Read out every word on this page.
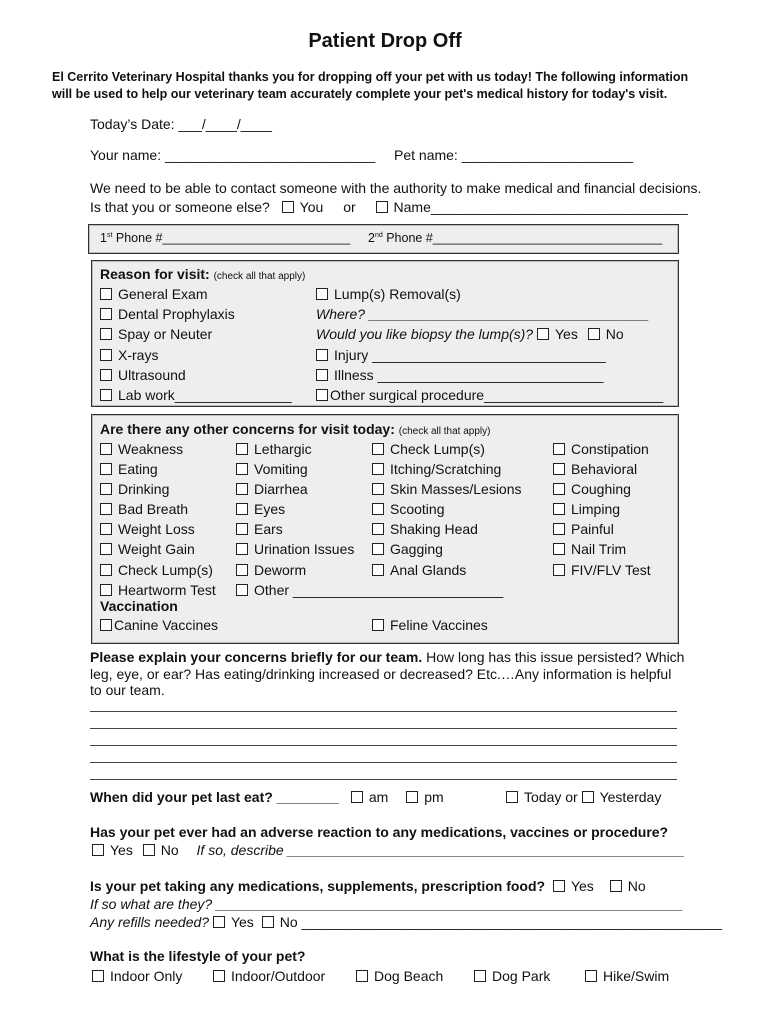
Patient Drop Off
El Cerrito Veterinary Hospital thanks you for dropping off your pet with us today! The following information
will be used to help our veterinary team accurately complete your pet's medical history for today's visit.
Today’s Date: ___/____/____
Your name: ___________________________ Pet name: ______________________
We need to be able to contact someone with the authority to make medical and financial decisions.
Is that you or someone else? You or	Name_________________________________
1st Phone #___________________________ 2nd Phone #_________________________________
Reason for visit: (check all that apply)
General Exam
Dental Prophylaxis
Spay or Neuter
X-rays
Ultrasound
Lab work_______________
Lump(s) Removal(s)
Where? ____________________________________
Would you like biopsy the lump(s)? Yes No
Injury ______________________________
Illness _____________________________
Other surgical procedure_______________________
Are there any other concerns for visit today: (check all that apply)
Weakness
Eating
Drinking
Bad Breath
Weight Loss
Weight Gain
Check Lump(s)
Heartworm Test
Lethargic
Vomiting
Diarrhea
Eyes
Ears
Urination Issues
Deworm
Other ___________________________
Check Lump(s)
Itching/Scratching
Skin Masses/Lesions
Scooting
Shaking Head
Gagging
Anal Glands
Constipation
Behavioral
Coughing
Limping
Painful
Nail Trim
FIV/FLV Test
Vaccination
Canine Vaccines	Feline Vaccines
Please explain your concerns briefly for our team. How long has this issue persisted? Which
leg, eye, or ear? Has eating/drinking increased or decreased? Etc.…Any information is helpful
to our team.
When did your pet last eat? ________ am	pm	Today or Yesterday
Has your pet ever had an adverse reaction to any medications, vaccines or procedure?
Yes No If so, describe ___________________________________________________
Is your pet taking any medications, supplements, prescription food? Yes No
If so what are they? ____________________________________________________________
Any refills needed? Yes No ______________________________________________________
What is the lifestyle of your pet?
Indoor Only	Indoor/Outdoor	Dog Beach	Dog Park	Hike/Swim
